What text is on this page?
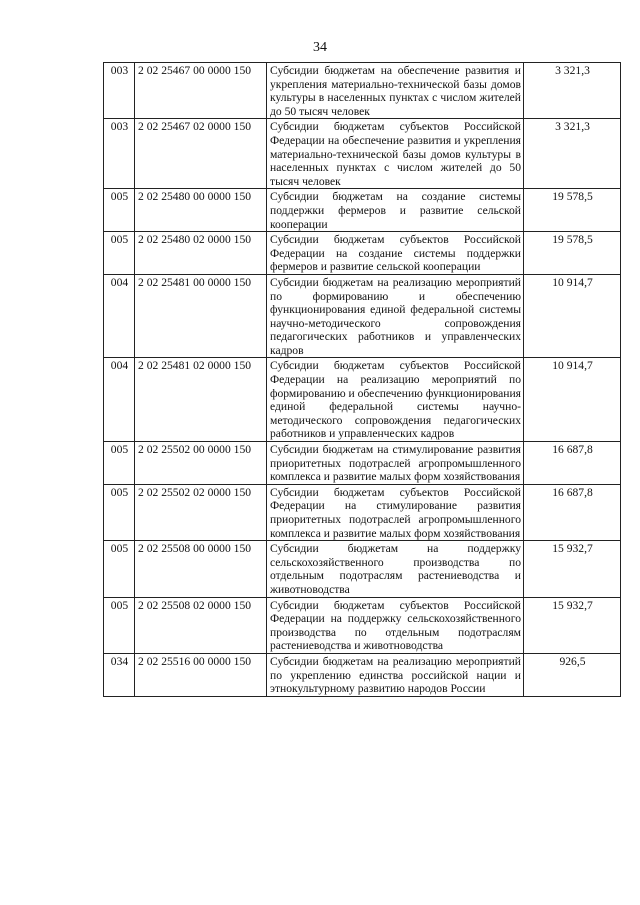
34
003	2 02 25467 00 0000 150	Субсидии бюджетам на обеспечение развития и укрепления материально-технической базы домов культуры в населенных пунктах с числом жителей до 50 тысяч человек	3 321,3
003	2 02 25467 02 0000 150	Субсидии бюджетам субъектов Российской Федерации на обеспечение развития и укрепления материально-технической базы домов культуры в населенных пунктах с числом жителей до 50 тысяч человек	3 321,3
005	2 02 25480 00 0000 150	Субсидии бюджетам на создание системы поддержки фермеров и развитие сельской кооперации	19 578,5
005	2 02 25480 02 0000 150	Субсидии бюджетам субъектов Российской Федерации на создание системы поддержки фермеров и развитие сельской кооперации	19 578,5
004	2 02 25481 00 0000 150	Субсидии бюджетам на реализацию мероприятий по формированию и обеспечению функционирования единой федеральной системы научно-методического сопровождения педагогических работников и управленческих кадров	10 914,7
004	2 02 25481 02 0000 150	Субсидии бюджетам субъектов Российской Федерации на реализацию мероприятий по формированию и обеспечению функционирования единой федеральной системы научно-методического сопровождения педагогических работников и управленческих кадров	10 914,7
005	2 02 25502 00 0000 150	Субсидии бюджетам на стимулирование развития приоритетных подотраслей агропромышленного комплекса и развитие малых форм хозяйствования	16 687,8
005	2 02 25502 02 0000 150	Субсидии бюджетам субъектов Российской Федерации на стимулирование развития приоритетных подотраслей агропромышленного комплекса и развитие малых форм хозяйствования	16 687,8
005	2 02 25508 00 0000 150	Субсидии бюджетам на поддержку сельскохозяйственного производства по отдельным подотраслям растениеводства и животноводства	15 932,7
005	2 02 25508 02 0000 150	Субсидии бюджетам субъектов Российской Федерации на поддержку сельскохозяйственного производства по отдельным подотраслям растениеводства и животноводства	15 932,7
034	2 02 25516 00 0000 150	Субсидии бюджетам на реализацию мероприятий по укреплению единства российской нации и этнокультурному развитию народов России	926,5
